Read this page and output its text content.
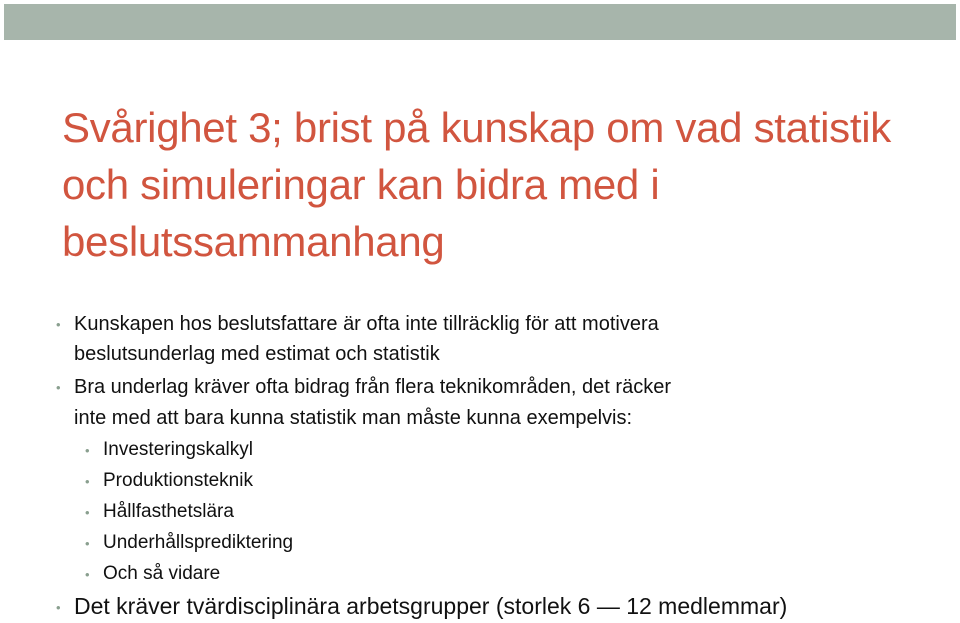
Svårighet 3; brist på kunskap om vad statistik och simuleringar kan bidra med i beslutssammanhang
• Kunskapen hos beslutsfattare är ofta inte tillräcklig för att motivera
beslutsunderlag med estimat och statistik
• Bra underlag kräver ofta bidrag från flera teknikområden, det räcker
inte med att bara kunna statistik man måste kunna exempelvis:
• Investeringskalkyl
• Produktionsteknik
• Hållfasthetslära
• Underhållsprediktering
• Och så vidare
• Det kräver tvärdisciplinära arbetsgrupper (storlek 6 — 12 medlemmar)
